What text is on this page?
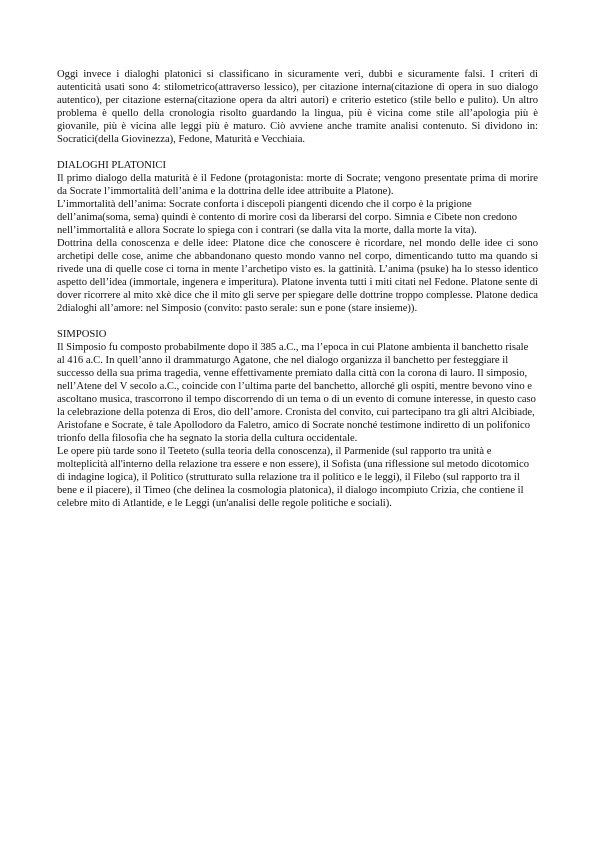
Oggi invece i dialoghi platonici si classificano in sicuramente veri, dubbi e sicuramente falsi. I criteri di autenticità usati sono 4: stilometrico(attraverso lessico), per citazione interna(citazione di opera in suo dialogo autentico), per citazione esterna(citazione opera da altri autori) e criterio estetico (stile bello e pulito). Un altro problema è quello della cronologia risolto guardando la lingua, più è vicina come stile all’apologia più è giovanile, più è vicina alle leggi più è maturo. Ciò avviene anche tramite analisi contenuto. Si dividono in: Socratici(della Giovinezza), Fedone, Maturità e Vecchiaia.

DIALOGHI PLATONICI

Il primo dialogo della maturità è il Fedone (protagonista: morte di Socrate; vengono presentate prima di morire da Socrate l’immortalità dell’anima e la dottrina delle idee attribuite a Platone).

L’immortalità dell’anima: Socrate conforta i discepoli piangenti dicendo che il corpo è la prigione dell’anima(soma, sema) quindi è contento di morire così da liberarsi del corpo. Simnia e Cibete non credono nell’immortalità e allora Socrate lo spiega con i contrari (se dalla vita la morte, dalla morte la vita).

Dottrina della conoscenza e delle idee: Platone dice che conoscere è ricordare, nel mondo delle idee ci sono archetipi delle cose, anime che abbandonano questo mondo vanno nel corpo, dimenticando tutto ma quando si rivede una di quelle cose ci torna in mente l’archetipo visto es. la gattinità. L’anima (psuke) ha lo stesso identico aspetto dell’idea (immortale, ingenera e imperitura). Platone inventa tutti i miti citati nel Fedone. Platone sente di dover ricorrere al mito xkè dice che il mito gli serve per spiegare delle dottrine troppo complesse. Platone dedica 2dialoghi all’amore: nel Simposio (convito: pasto serale: sun e pone (stare insieme)).

SIMPOSIO

Il Simposio fu composto probabilmente dopo il 385 a.C., ma l’epoca in cui Platone ambienta il banchetto risale al 416 a.C. In quell’anno il drammaturgo Agatone, che nel dialogo organizza il banchetto per festeggiare il successo della sua prima tragedia, venne effettivamente premiato dalla città con la corona di lauro. Il simposio, nell’Atene del V secolo a.C., coincide con l’ultima parte del banchetto, allorché gli ospiti, mentre bevono vino e ascoltano musica, trascorrono il tempo discorrendo di un tema o di un evento di comune interesse, in questo caso la celebrazione della potenza di Eros, dio dell’amore. Cronista del convito, cui partecipano tra gli altri Alcibiade, Aristofane e Socrate, è tale Apollodoro da Faletro, amico di Socrate nonché testimone indiretto di un polifonico trionfo della filosofia che ha segnato la storia della cultura occidentale.

Le opere più tarde sono il Teeteto (sulla teoria della conoscenza), il Parmenide (sul rapporto tra unità e molteplicità all'interno della relazione tra essere e non essere), il Sofista (una riflessione sul metodo dicotomico di indagine logica), il Politico (strutturato sulla relazione tra il politico e le leggi), il Filebo (sul rapporto tra il bene e il piacere), il Timeo (che delinea la cosmologia platonica), il dialogo incompiuto Crizia, che contiene il celebre mito di Atlantide, e le Leggi (un'analisi delle regole politiche e sociali).
